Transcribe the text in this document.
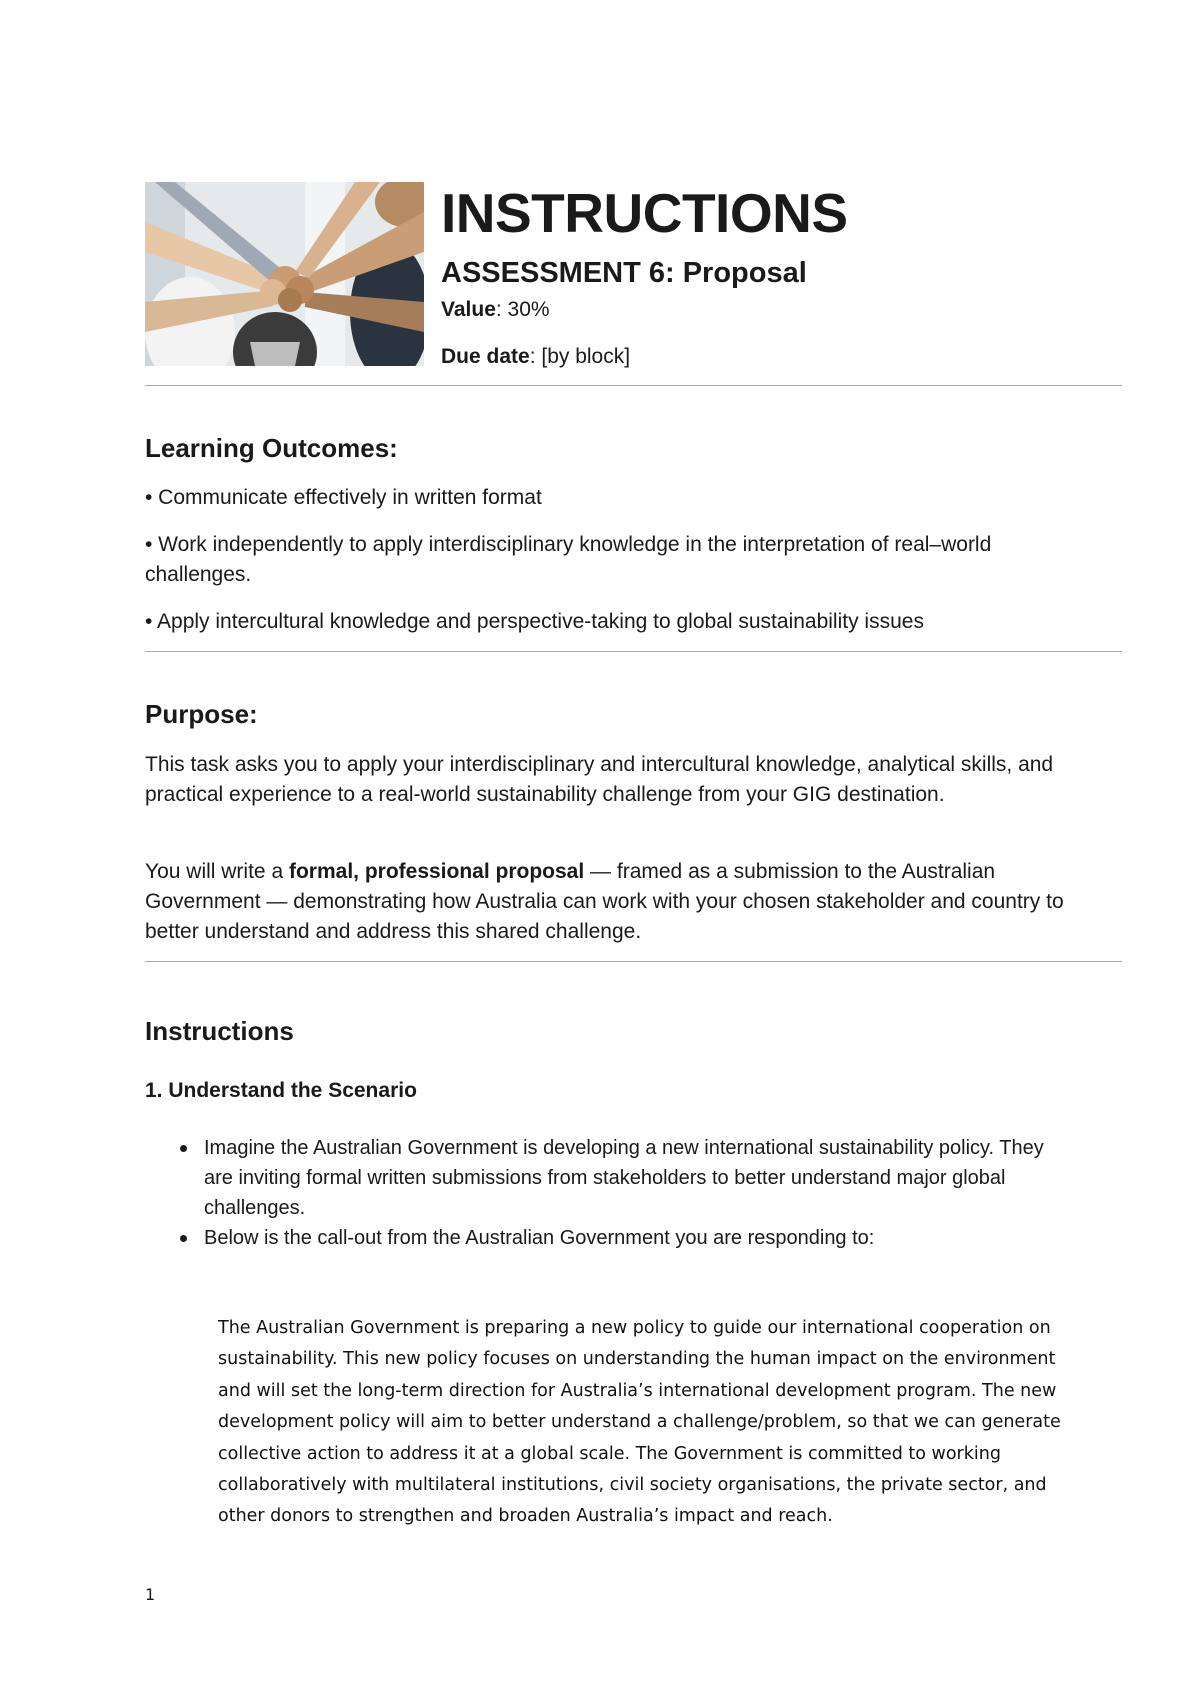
INSTRUCTIONS
ASSESSMENT 6: Proposal
Value: 30%
Due date: [by block]
Learning Outcomes:

• Communicate effectively in written format

• Work independently to apply interdisciplinary knowledge in the interpretation of real–world challenges.

• Apply intercultural knowledge and perspective-taking to global sustainability issues

Purpose:

This task asks you to apply your interdisciplinary and intercultural knowledge, analytical skills, and practical experience to a real-world sustainability challenge from your GIG destination.

You will write a formal, professional proposal — framed as a submission to the Australian Government — demonstrating how Australia can work with your chosen stakeholder and country to better understand and address this shared challenge.

Instructions
1. Understand the Scenario
Imagine the Australian Government is developing a new international sustainability policy. They are inviting formal written submissions from stakeholders to better understand major global challenges.
Below is the call-out from the Australian Government you are responding to:

The Australian Government is preparing a new policy to guide our international cooperation on sustainability. This new policy focuses on understanding the human impact on the environment and will set the long-term direction for Australia’s international development program. The new development policy will aim to better understand a challenge/problem, so that we can generate collective action to address it at a global scale. The Government is committed to working collaboratively with multilateral institutions, civil society organisations, the private sector, and other donors to strengthen and broaden Australia’s impact and reach.

1
